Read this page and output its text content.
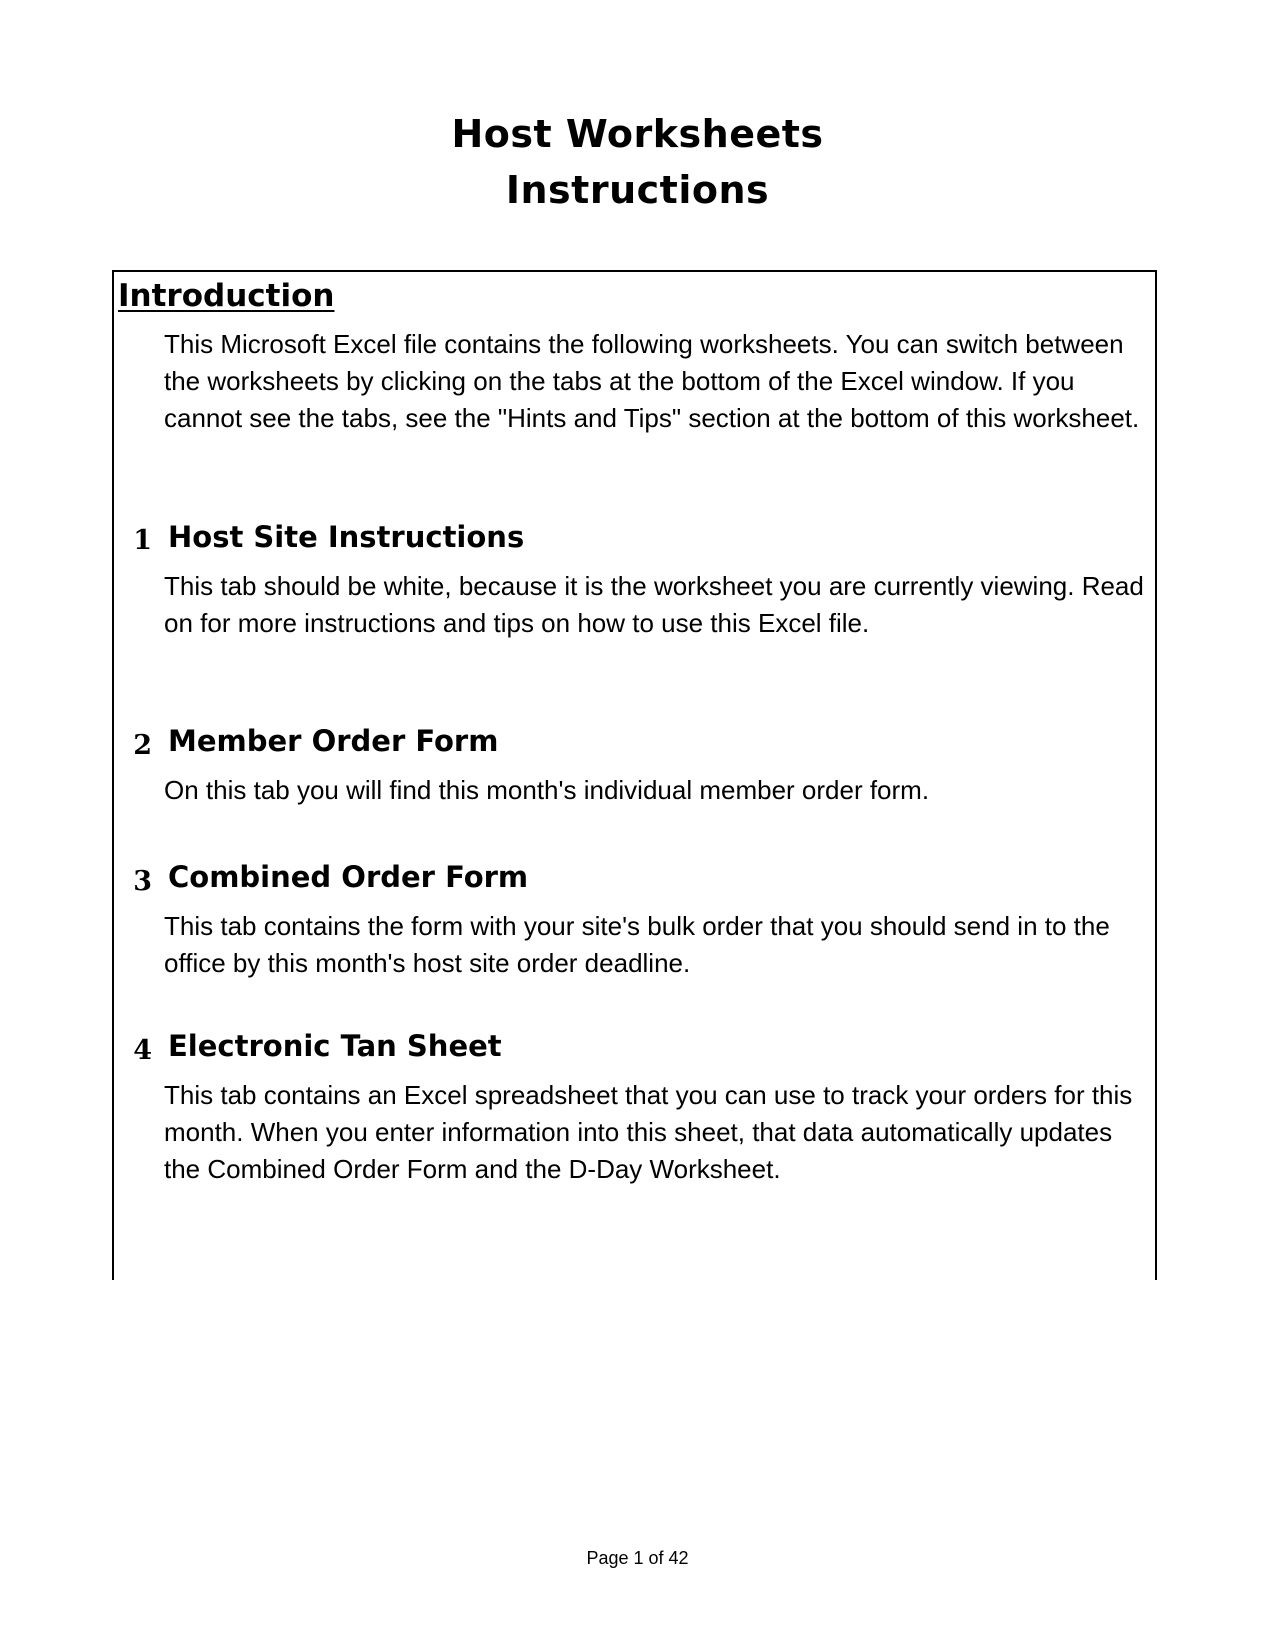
Host Worksheets
Instructions
Introduction
This Microsoft Excel file contains the following worksheets. You can switch between the worksheets by clicking on the tabs at the bottom of the Excel window. If you cannot see the tabs, see the "Hints and Tips" section at the bottom of this worksheet.
1 Host Site Instructions
This tab should be white, because it is the worksheet you are currently viewing. Read on for more instructions and tips on how to use this Excel file.
2 Member Order Form
On this tab you will find this month's individual member order form.
3 Combined Order Form
This tab contains the form with your site's bulk order that you should send in to the office by this month's host site order deadline.
4 Electronic Tan Sheet
This tab contains an Excel spreadsheet that you can use to track your orders for this month. When you enter information into this sheet, that data automatically updates the Combined Order Form and the D-Day Worksheet.
Page 1 of 42
